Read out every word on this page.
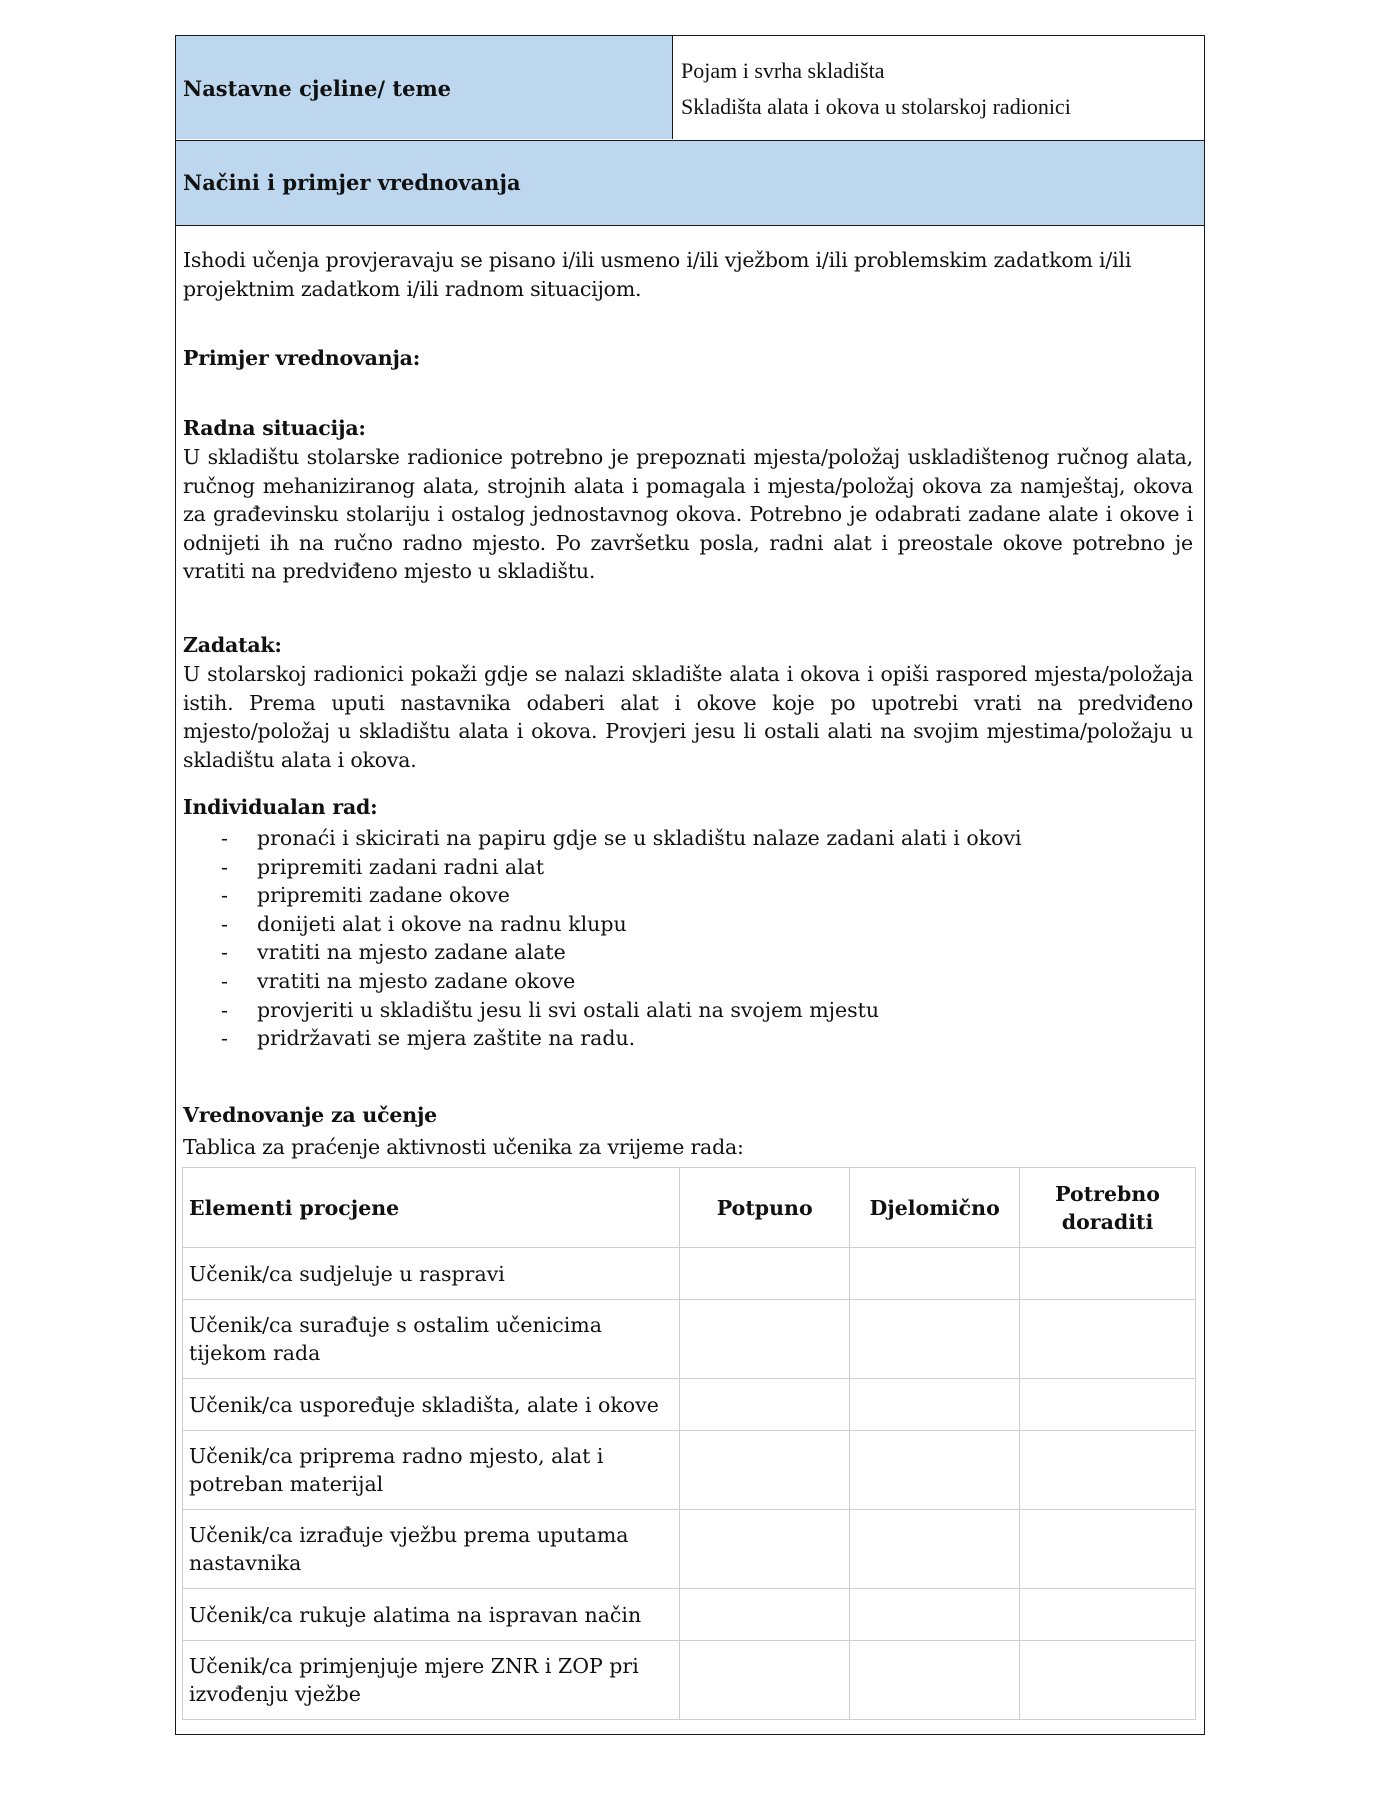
Nastavne cjeline/ teme
Pojam i svrha skladišta
Skladišta alata i okova u stolarskoj radionici
Načini i primjer vrednovanja
Ishodi učenja provjeravaju se pisano i/ili usmeno i/ili vježbom i/ili problemskim zadatkom i/ili
projektnim zadatkom i/ili radnom situacijom.
Primjer vrednovanja:
Radna situacija:
U skladištu stolarske radionice potrebno je prepoznati mjesta/položaj uskladištenog ručnog alata, ručnog mehaniziranog alata, strojnih alata i pomagala i mjesta/položaj okova za namještaj, okova za građevinsku stolariju i ostalog jednostavnog okova. Potrebno je odabrati zadane alate i okove i odnijeti ih na ručno radno mjesto. Po završetku posla, radni alat i preostale okove potrebno je vratiti na predviđeno mjesto u skladištu.
Zadatak:
U stolarskoj radionici pokaži gdje se nalazi skladište alata i okova i opiši raspored mjesta/položaja istih. Prema uputi nastavnika odaberi alat i okove koje po upotrebi vrati na predviđeno mjesto/položaj u skladištu alata i okova. Provjeri jesu li ostali alati na svojim mjestima/položaju u skladištu alata i okova.
Individualan rad:
- pronaći i skicirati na papiru gdje se u skladištu nalaze zadani alati i okovi
- pripremiti zadani radni alat
- pripremiti zadane okove
- donijeti alat i okove na radnu klupu
- vratiti na mjesto zadane alate
- vratiti na mjesto zadane okove
- provjeriti u skladištu jesu li svi ostali alati na svojem mjestu
- pridržavati se mjera zaštite na radu.
Vrednovanje za učenje
Tablica za praćenje aktivnosti učenika za vrijeme rada:
Elementi procjene	Potpuno	Djelomično	Potrebno doraditi
Učenik/ca sudjeluje u raspravi			
Učenik/ca surađuje s ostalim učenicima tijekom rada			
Učenik/ca uspoređuje skladišta, alate i okove			
Učenik/ca priprema radno mjesto, alat i potreban materijal			
Učenik/ca izrađuje vježbu prema uputama nastavnika			
Učenik/ca rukuje alatima na ispravan način			
Učenik/ca primjenjuje mjere ZNR i ZOP pri izvođenju vježbe			
